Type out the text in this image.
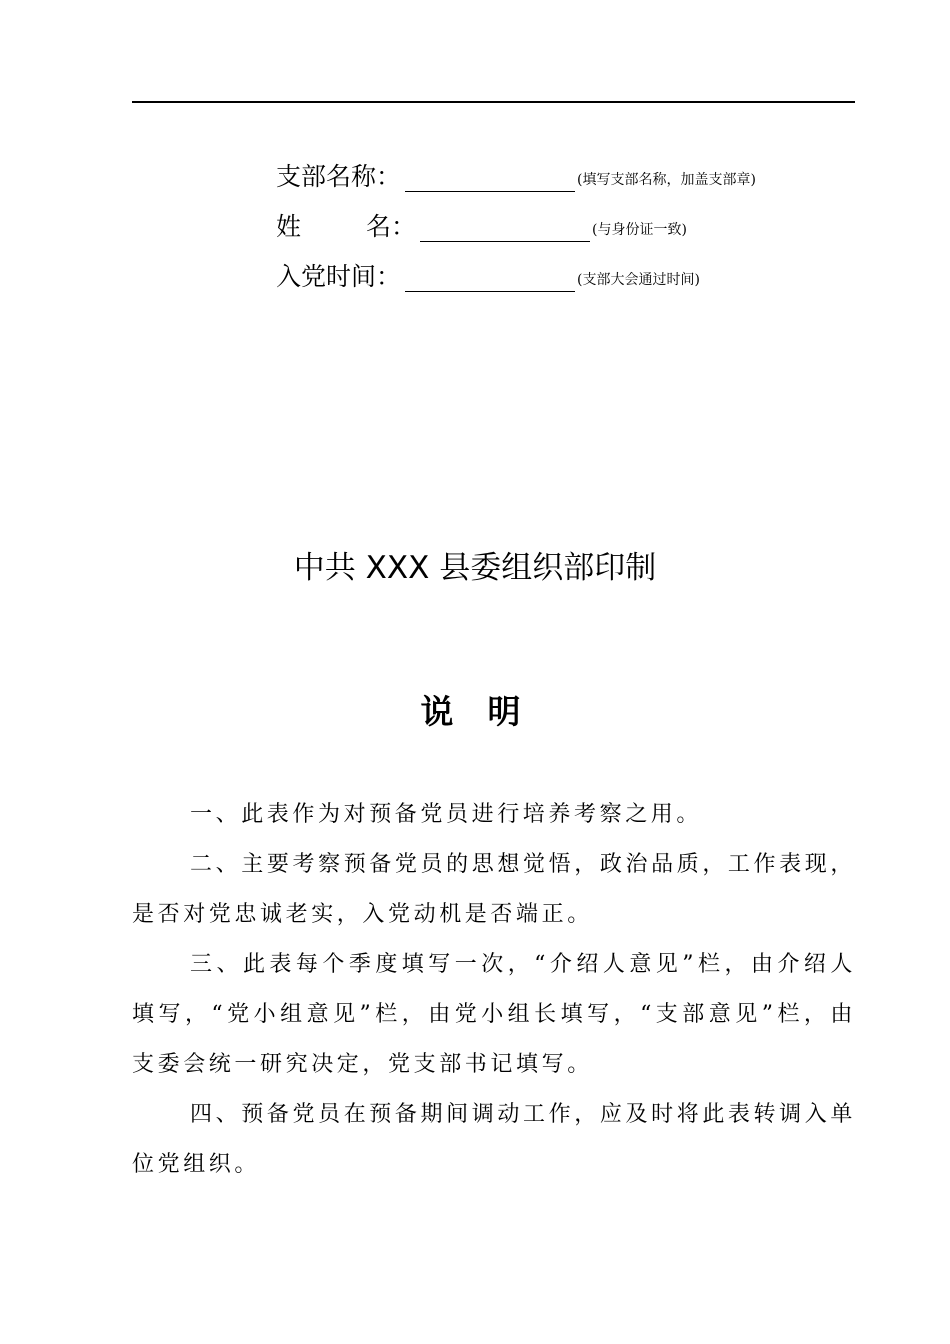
支部名称：	(填写支部名称，加盖支部章)
姓	名：	(与身份证一致)
入党时间：	(支部大会通过时间)
中共 XXX 县委组织部印制
说明

一、此表作为对预备党员进行培养考察之用。

二、主要考察预备党员的思想觉悟，政治品质，工作表现，是否对党忠诚老实，入党动机是否端正。

三、此表每个季度填写一次，“介绍人意见”栏，由介绍人填写，“党小组意见”栏，由党小组长填写，“支部意见”栏，由支委会统一研究决定，党支部书记填写。

四、预备党员在预备期间调动工作，应及时将此表转调入单位党组织。
